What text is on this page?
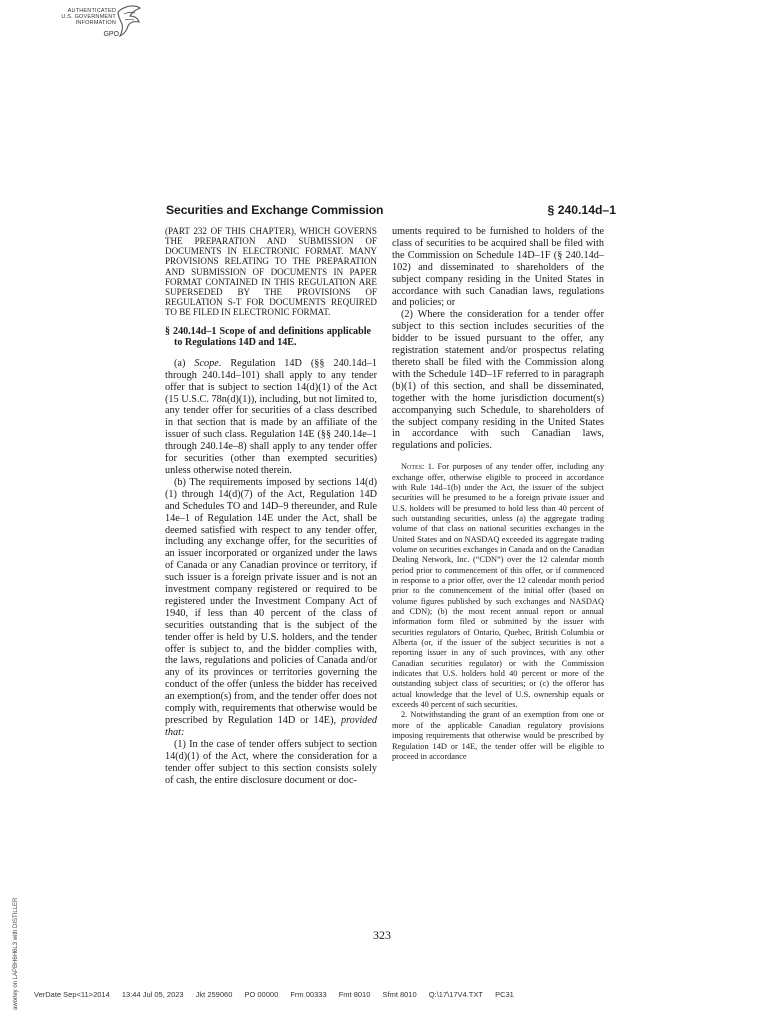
AUTHENTICATED
U.S. GOVERNMENT
INFORMATION
GPO
Securities and Exchange Commission	§ 240.14d–1

(PART 232 OF THIS CHAPTER), WHICH GOVERNS THE PREPARATION AND SUBMISSION OF DOCUMENTS IN ELECTRONIC FORMAT. MANY PROVISIONS RELATING TO THE PREPARATION AND SUBMISSION OF DOCUMENTS IN PAPER FORMAT CONTAINED IN THIS REGULATION ARE SUPERSEDED BY THE PROVISIONS OF REGULATION S-T FOR DOCUMENTS REQUIRED TO BE FILED IN ELECTRONIC FORMAT.

§ 240.14d–1 Scope of and definitions applicable to Regulations 14D and 14E.

(a) Scope. Regulation 14D (§§ 240.14d–1 through 240.14d–101) shall apply to any tender offer that is subject to section 14(d)(1) of the Act (15 U.S.C. 78n(d)(1)), including, but not limited to, any tender offer for securities of a class described in that section that is made by an affiliate of the issuer of such class. Regulation 14E (§§ 240.14e–1 through 240.14e–8) shall apply to any tender offer for securities (other than exempted securities) unless otherwise noted therein.

(b) The requirements imposed by sections 14(d)(1) through 14(d)(7) of the Act, Regulation 14D and Schedules TO and 14D–9 thereunder, and Rule 14e–1 of Regulation 14E under the Act, shall be deemed satisfied with respect to any tender offer, including any exchange offer, for the securities of an issuer incorporated or organized under the laws of Canada or any Canadian province or territory, if such issuer is a foreign private issuer and is not an investment company registered or required to be registered under the Investment Company Act of 1940, if less than 40 percent of the class of securities outstanding that is the subject of the tender offer is held by U.S. holders, and the tender offer is subject to, and the bidder complies with, the laws, regulations and policies of Canada and/or any of its provinces or territories governing the conduct of the offer (unless the bidder has received an exemption(s) from, and the tender offer does not comply with, requirements that otherwise would be prescribed by Regulation 14D or 14E), provided that:

(1) In the case of tender offers subject to section 14(d)(1) of the Act, where the consideration for a tender offer subject to this section consists solely of cash, the entire disclosure document or doc-

uments required to be furnished to holders of the class of securities to be acquired shall be filed with the Commission on Schedule 14D–1F (§ 240.14d–102) and disseminated to shareholders of the subject company residing in the United States in accordance with such Canadian laws, regulations and policies; or

(2) Where the consideration for a tender offer subject to this section includes securities of the bidder to be issued pursuant to the offer, any registration statement and/or prospectus relating thereto shall be filed with the Commission along with the Schedule 14D–1F referred to in paragraph (b)(1) of this section, and shall be disseminated, together with the home jurisdiction document(s) accompanying such Schedule, to shareholders of the subject company residing in the United States in accordance with such Canadian laws, regulations and policies.

Notes: 1. For purposes of any tender offer, including any exchange offer, otherwise eligible to proceed in accordance with Rule 14d–1(b) under the Act, the issuer of the subject securities will be presumed to be a foreign private issuer and U.S. holders will be presumed to hold less than 40 percent of such outstanding securities, unless (a) the aggregate trading volume of that class on national securities exchanges in the United States and on NASDAQ exceeded its aggregate trading volume on securities exchanges in Canada and on the Canadian Dealing Network, Inc. (“CDN”) over the 12 calendar month period prior to commencement of this offer, or if commenced in response to a prior offer, over the 12 calendar month period prior to the commencement of the initial offer (based on volume figures published by such exchanges and NASDAQ and CDN); (b) the most recent annual report or annual information form filed or submitted by the issuer with securities regulators of Ontario, Quebec, British Columbia or Alberta (or, if the issuer of the subject securities is not a reporting issuer in any of such provinces, with any other Canadian securities regulator) or with the Commission indicates that U.S. holders hold 40 percent or more of the outstanding subject class of securities; or (c) the offeror has actual knowledge that the level of U.S. ownership equals or exceeds 40 percent of such securities.

2. Notwithstanding the grant of an exemption from one or more of the applicable Canadian regulatory provisions imposing requirements that otherwise would be prescribed by Regulation 14D or 14E, the tender offer will be eligible to proceed in accordance

323
aworley on LAPBH6H6L3 with DISTILLER VerDate Sep<11>2014 13:44 Jul 05, 2023 Jkt 259060 PO 00000 Frm 00333 Fmt 8010 Sfmt 8010 Q:\17\17V4.TXT PC31
